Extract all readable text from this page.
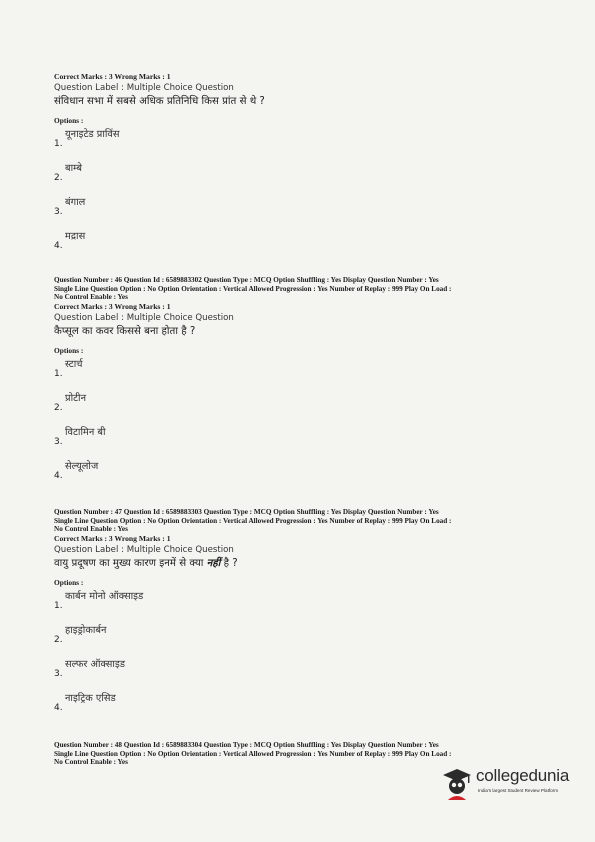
Correct Marks : 3 Wrong Marks : 1

Question Label : Multiple Choice Question

संविधान सभा में सबसे अधिक प्रतिनिधि किस प्रांत से थे ?

Options :
1.
यूनाइटेड प्राविंस
2.
बाम्बे
3.
बंगाल
4.
मद्रास

Question Number : 46 Question Id : 6589883302 Question Type : MCQ Option Shuffling : Yes Display Question Number : Yes

Single Line Question Option : No Option Orientation : Vertical Allowed Progression : Yes Number of Replay : 999 Play On Load :

No Control Enable : Yes

Correct Marks : 3 Wrong Marks : 1

Question Label : Multiple Choice Question

कैप्सूल का कवर किससे बना होता है ?

Options :
1.
स्टार्च
2.
प्रोटीन
3.
विटामिन बी
4.
सेल्यूलोज

Question Number : 47 Question Id : 6589883303 Question Type : MCQ Option Shuffling : Yes Display Question Number : Yes

Single Line Question Option : No Option Orientation : Vertical Allowed Progression : Yes Number of Replay : 999 Play On Load :

No Control Enable : Yes

Correct Marks : 3 Wrong Marks : 1

Question Label : Multiple Choice Question

वायु प्रदूषण का मुख्य कारण इनमें से क्या नहीं है ?

Options :
1.
कार्बन मोनो ऑक्साइड
2.
हाइड्रोकार्बन
3.
सल्फर ऑक्साइड
4.
नाइट्रिक एसिड

Question Number : 48 Question Id : 6589883304 Question Type : MCQ Option Shuffling : Yes Display Question Number : Yes

Single Line Question Option : No Option Orientation : Vertical Allowed Progression : Yes Number of Replay : 999 Play On Load :

No Control Enable : Yes

collegedunia
India's largest Student Review Platform
